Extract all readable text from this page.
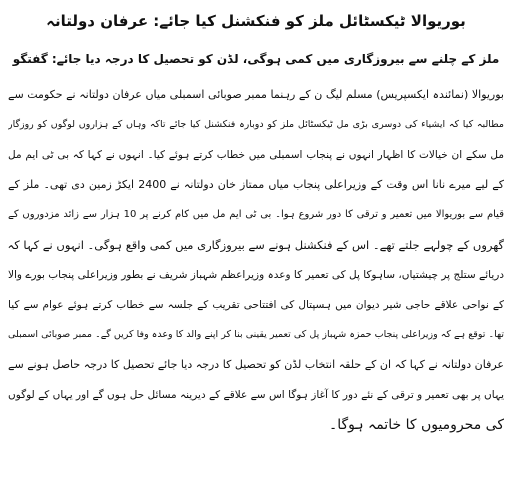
بوریوالا ٹیکسٹائل ملز کو فنکشنل کیا جائے: عرفان دولتانہ
ملز کے چلنے سے بیروزگاری میں کمی ہوگی، لڈن کو تحصیل کا درجہ دیا جائے: گفتگو
بوریوالا (نمائندہ ایکسپریس) مسلم لیگ ن کے رہنما ممبر صوبائی اسمبلی میاں عرفان دولتانہ نے حکومت سے
مطالبہ کیا کہ ایشیاء کی دوسری بڑی مل ٹیکسٹائل ملز کو دوبارہ فنکشنل کیا جائے تاکہ وہاں کے ہزاروں لوگوں کو روزگار
مل سکے ان خیالات کا اظہار انہوں نے پنجاب اسمبلی میں خطاب کرتے ہوئے کیا۔ انہوں نے کہا کہ بی ٹی ایم مل
کے لیے میرے نانا اس وقت کے وزیراعلی پنجاب میاں ممتاز خان دولتانہ نے 2400 ایکڑ زمین دی تھی۔ ملز کے
قیام سے بوریوالا میں تعمیر و ترقی کا دور شروع ہوا۔ بی ٹی ایم مل میں کام کرنے پر 10 ہزار سے زائد مزدوروں کے
گھروں کے چولہے جلتے تھے۔ اس کے فنکشنل ہونے سے بیروزگاری میں کمی واقع ہوگی۔ انہوں نے کہا کہ
دریائے ستلج پر چیشتیاں، ساہوکا پل کی تعمیر کا وعدہ وزیراعظم شہباز شریف نے بطور وزیراعلی پنجاب بورے والا
کے نواحی علاقے حاجی شیر دیوان میں ہسپتال کی افتتاحی تقریب کے جلسہ سے خطاب کرتے ہوئے عوام سے کیا
تھا۔ توقع ہے کہ وزیراعلی پنجاب حمزہ شہباز پل کی تعمیر یقینی بنا کر اپنے والد کا وعدہ وفا کریں گے۔ ممبر صوبائی اسمبلی
عرفان دولتانہ نے کہا کہ ان کے حلقہ انتخاب لڈن کو تحصیل کا درجہ دیا جائے تحصیل کا درجہ حاصل ہونے سے
یہاں پر بھی تعمیر و ترقی کے نئے دور کا آغاز ہوگا اس سے علاقے کے دیرینہ مسائل حل ہوں گے اور یہاں کے لوگوں
کی محرومیوں کا خاتمہ ہوگا۔
